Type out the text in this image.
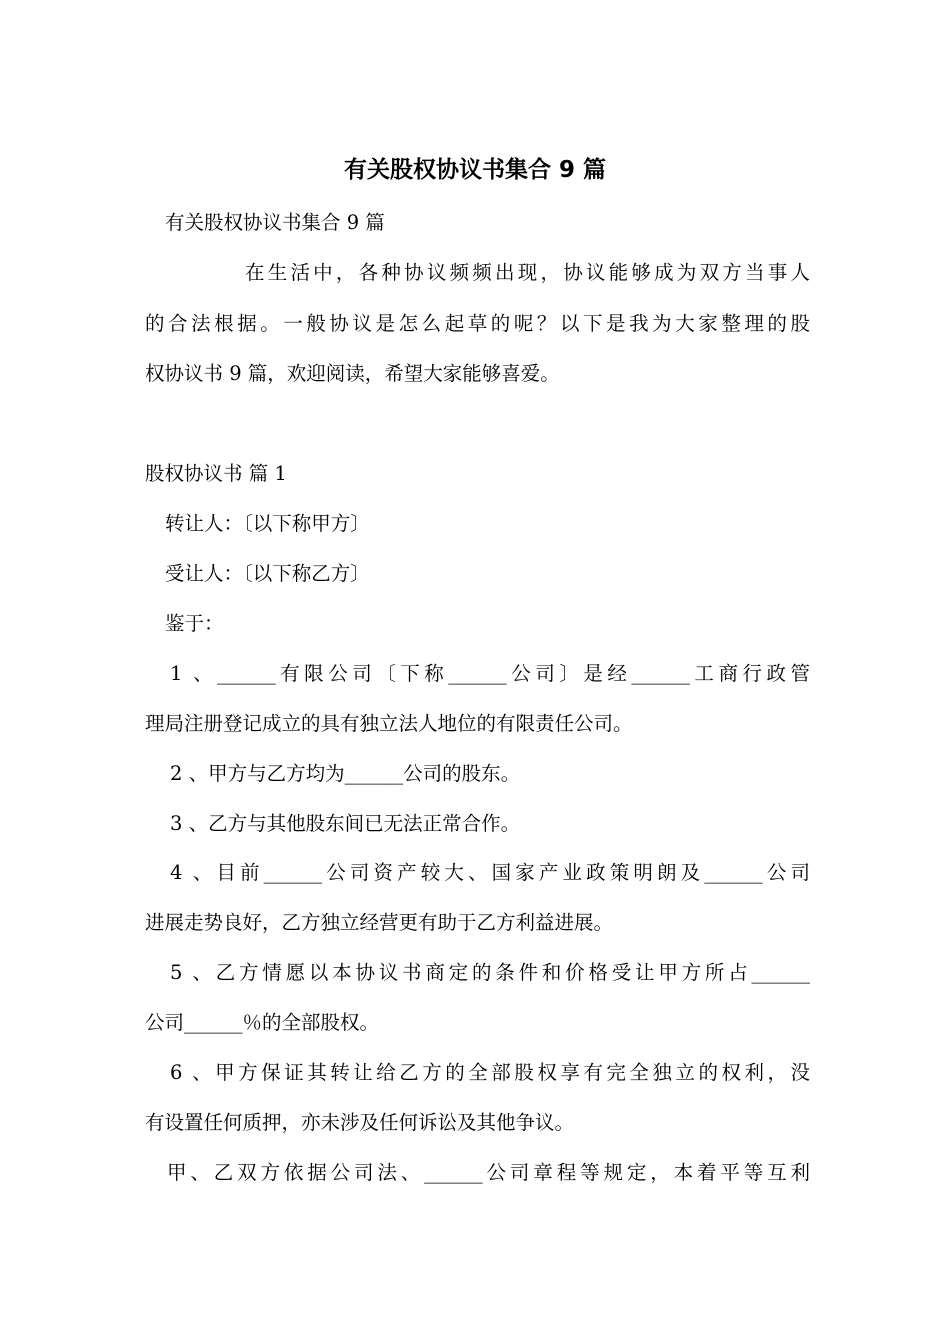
有关股权协议书集合 9 篇

有关股权协议书集合 9 篇

在生活中，各种协议频频出现，协议能够成为双方当事人

的合法根据。一般协议是怎么起草的呢？以下是我为大家整理的股

权协议书 9 篇，欢迎阅读，希望大家能够喜爱。

股权协议书 篇 1

转让人：〔以下称甲方〕

受让人：〔以下称乙方〕

鉴于：

1 、______有限公司〔下称______公司〕是经______工商行政管

理局注册登记成立的具有独立法人地位的有限责任公司。

2 、甲方与乙方均为______公司的股东。

3 、乙方与其他股东间已无法正常合作。

4 、目前______公司资产较大、国家产业政策明朗及______公司

进展走势良好，乙方独立经营更有助于乙方利益进展。

5 、乙方情愿以本协议书商定的条件和价格受让甲方所占______

公司______％的全部股权。

6 、甲方保证其转让给乙方的全部股权享有完全独立的权利，没

有设置任何质押，亦未涉及任何诉讼及其他争议。

甲、乙双方依据公司法、______公司章程等规定，本着平等互利
